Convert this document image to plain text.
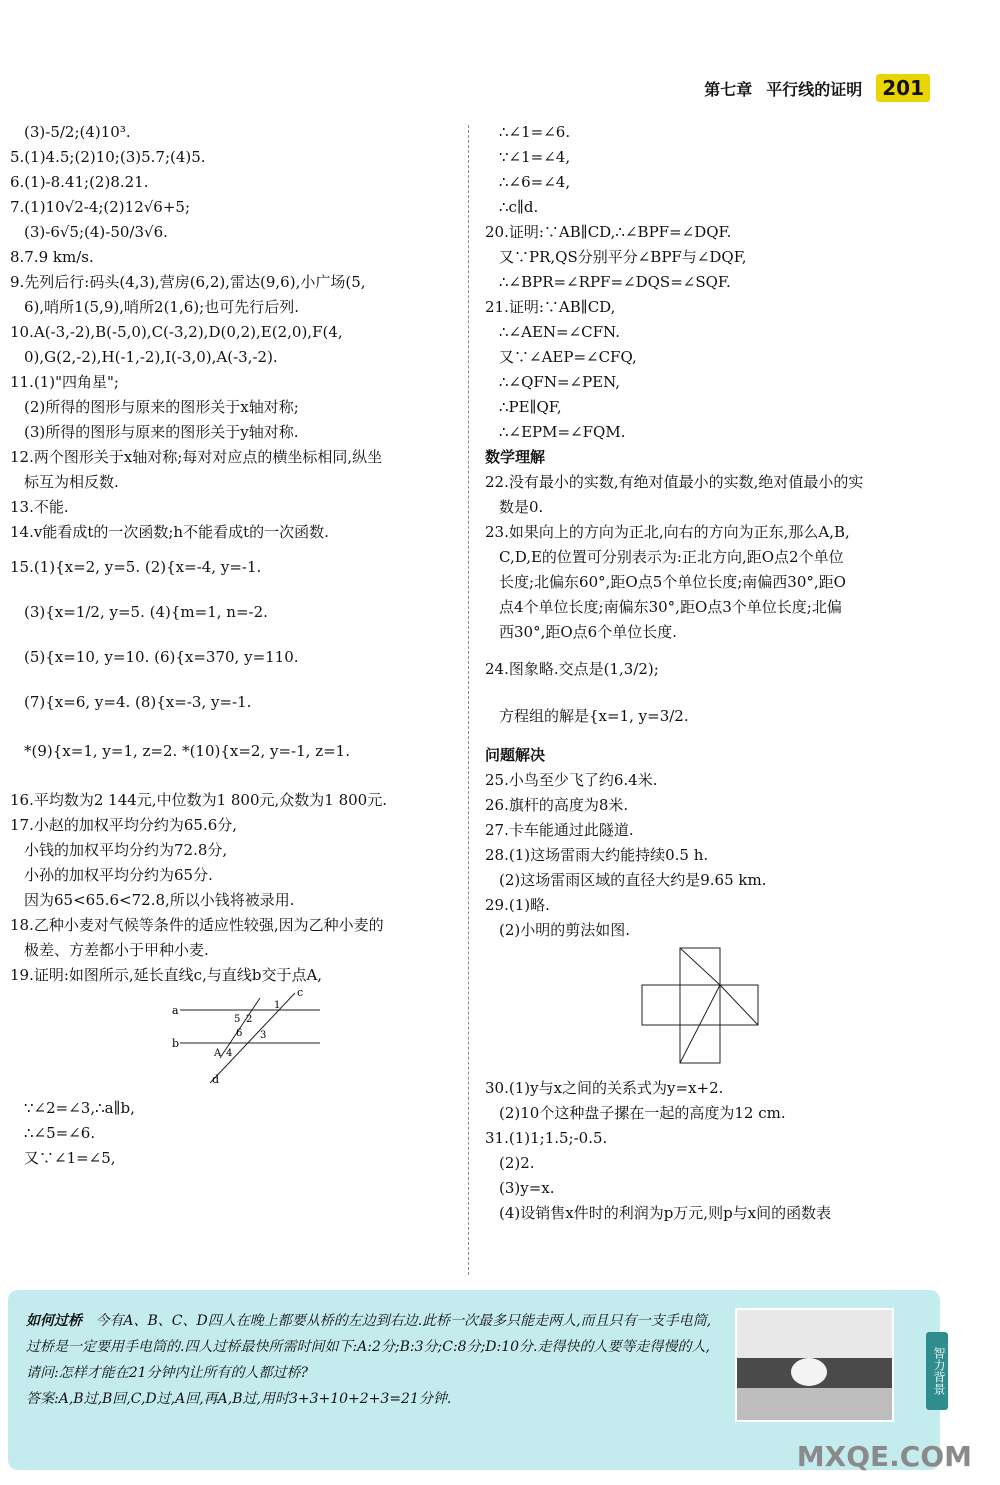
第七章 平行线的证明	201
(3)-5/2;(4)10³.
5.(1)4.5;(2)10;(3)5.7;(4)5.
6.(1)-8.41;(2)8.21.
7.(1)10√2-4;(2)12√6+5;
(3)-6√5;(4)-50/3√6.
8.7.9 km/s.
9.先列后行:码头(4,3),营房(6,2),雷达(9,6),小广场(5,
6),哨所1(5,9),哨所2(1,6);也可先行后列.
10.A(-3,-2),B(-5,0),C(-3,2),D(0,2),E(2,0),F(4,
0),G(2,-2),H(-1,-2),I(-3,0),A(-3,-2).
11.(1)"四角星";
(2)所得的图形与原来的图形关于x轴对称;
(3)所得的图形与原来的图形关于y轴对称.
12.两个图形关于x轴对称;每对对应点的横坐标相同,纵坐
标互为相反数.
13.不能.
14.v能看成t的一次函数;h不能看成t的一次函数.
15.(1){x=2, y=5. (2){x=-4, y=-1.
(3){x=1/2, y=5. (4){m=1, n=-2.
(5){x=10, y=10. (6){x=370, y=110.
(7){x=6, y=4. (8){x=-3, y=-1.
*(9){x=1, y=1, z=2. *(10){x=2, y=-1, z=1.
16.平均数为2 144元,中位数为1 800元,众数为1 800元.
17.小赵的加权平均分约为65.6分,
小钱的加权平均分约为72.8分,
小孙的加权平均分约为65分.
因为65<65.6<72.8,所以小钱将被录用.
18.乙种小麦对气候等条件的适应性较强,因为乙种小麦的
极差、方差都小于甲种小麦.
19.证明:如图所示,延长直线c,与直线b交于点A,
a
b
c
d
1
2
3
4
5
6
A
∵∠2=∠3,∴a∥b,
∴∠5=∠6.
又∵∠1=∠5,
∴∠1=∠6.
∵∠1=∠4,
∴∠6=∠4,
∴c∥d.
20.证明:∵AB∥CD,∴∠BPF=∠DQF.
又∵PR,QS分别平分∠BPF与∠DQF,
∴∠BPR=∠RPF=∠DQS=∠SQF.
21.证明:∵AB∥CD,
∴∠AEN=∠CFN.
又∵∠AEP=∠CFQ,
∴∠QFN=∠PEN,
∴PE∥QF,
∴∠EPM=∠FQM.
数学理解
22.没有最小的实数,有绝对值最小的实数,绝对值最小的实
数是0.
23.如果向上的方向为正北,向右的方向为正东,那么A,B,
C,D,E的位置可分别表示为:正北方向,距O点2个单位
长度;北偏东60°,距O点5个单位长度;南偏西30°,距O
点4个单位长度;南偏东30°,距O点3个单位长度;北偏
西30°,距O点6个单位长度.
24.图象略.交点是(1,3/2);
方程组的解是{x=1, y=3/2.
问题解决
25.小鸟至少飞了约6.4米.
26.旗杆的高度为8米.
27.卡车能通过此隧道.
28.(1)这场雷雨大约能持续0.5 h.
(2)这场雷雨区域的直径大约是9.65 km.
29.(1)略.
(2)小明的剪法如图.
30.(1)y与x之间的关系式为y=x+2.
(2)10个这种盘子摞在一起的高度为12 cm.
31.(1)1;1.5;-0.5.
(2)2.
(3)y=x.
(4)设销售x件时的利润为p万元,则p与x间的函数表
如何过桥 今有A、B、C、D四人在晚上都要从桥的左边到右边.此桥一次最多只能走两人,而且只有一支手电筒,过桥是一定要用手电筒的.四人过桥最快所需时间如下:A:2分;B:3分;C:8分;D:10分.走得快的人要等走得慢的人,请问:怎样才能在21分钟内让所有的人都过桥?
答案:A,B过,B回,C,D过,A回,再A,B过,用时3+3+10+2+3=21分钟.
智力背景
MXQE.COM
